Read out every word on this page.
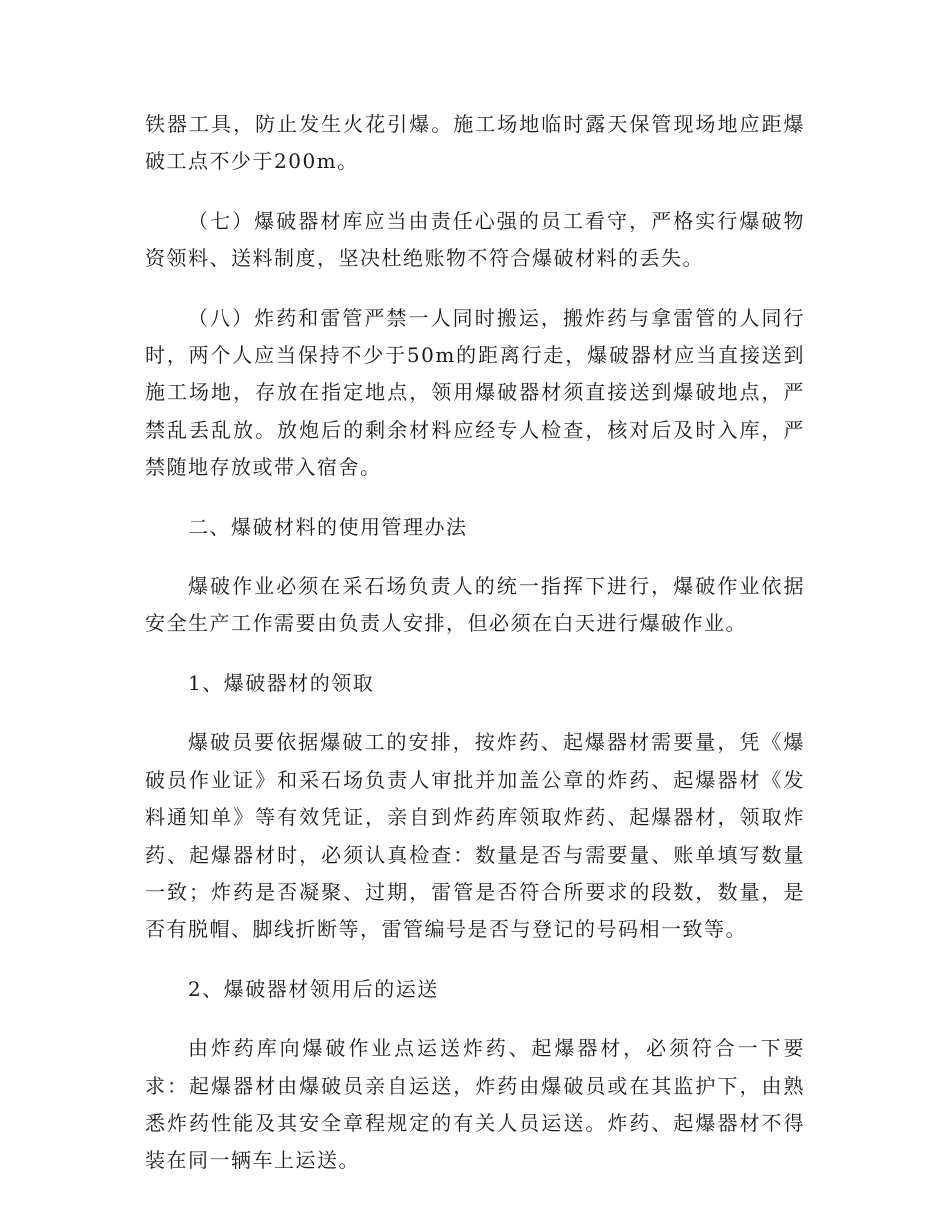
铁器工具，防止发生火花引爆。施工场地临时露天保管现场地应距爆破工点不少于200m。

（七）爆破器材库应当由责任心强的员工看守，严格实行爆破物资领料、送料制度，坚决杜绝账物不符合爆破材料的丢失。

（八）炸药和雷管严禁一人同时搬运，搬炸药与拿雷管的人同行时，两个人应当保持不少于50m的距离行走，爆破器材应当直接送到施工场地，存放在指定地点，领用爆破器材须直接送到爆破地点，严禁乱丢乱放。放炮后的剩余材料应经专人检查，核对后及时入库，严禁随地存放或带入宿舍。

二、爆破材料的使用管理办法

爆破作业必须在采石场负责人的统一指挥下进行，爆破作业依据安全生产工作需要由负责人安排，但必须在白天进行爆破作业。

1、爆破器材的领取

爆破员要依据爆破工的安排，按炸药、起爆器材需要量，凭《爆破员作业证》和采石场负责人审批并加盖公章的炸药、起爆器材《发料通知单》等有效凭证，亲自到炸药库领取炸药、起爆器材，领取炸药、起爆器材时，必须认真检查：数量是否与需要量、账单填写数量一致；炸药是否凝聚、过期，雷管是否符合所要求的段数，数量，是否有脱帽、脚线折断等，雷管编号是否与登记的号码相一致等。

2、爆破器材领用后的运送

由炸药库向爆破作业点运送炸药、起爆器材，必须符合一下要求：起爆器材由爆破员亲自运送，炸药由爆破员或在其监护下，由熟悉炸药性能及其安全章程规定的有关人员运送。炸药、起爆器材不得装在同一辆车上运送。
